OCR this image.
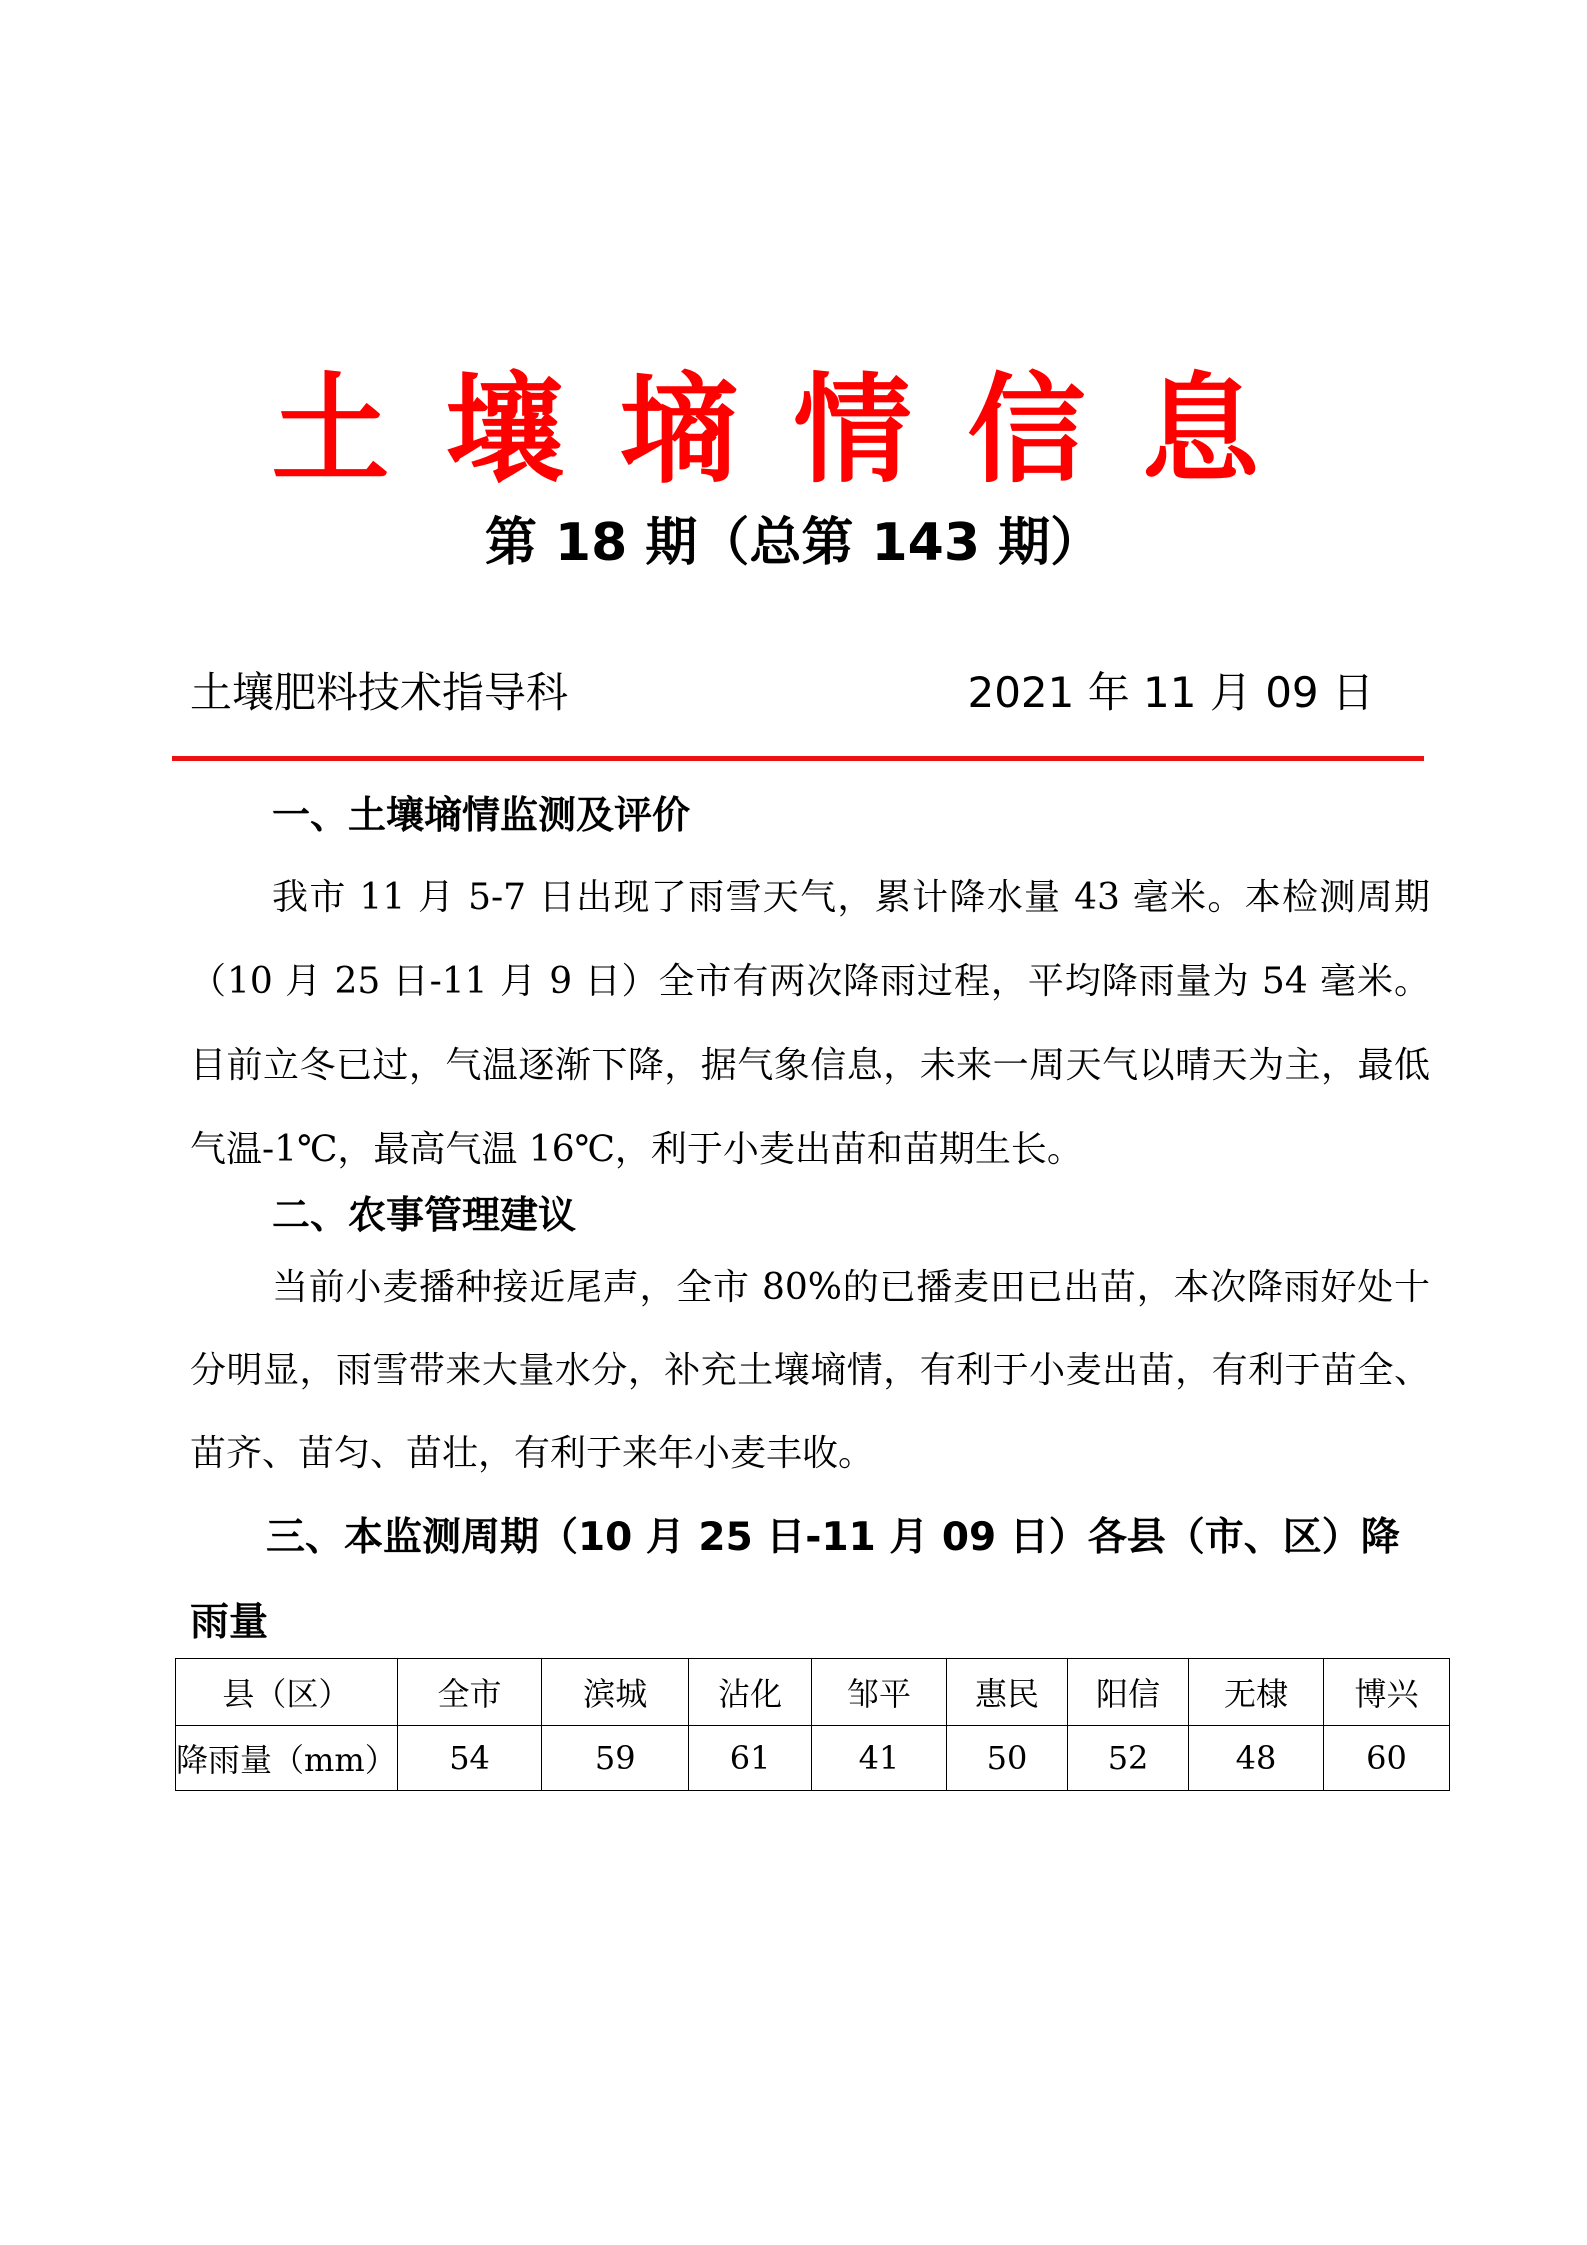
土壤墒情信息
第 18 期（总第 143 期）
土壤肥料技术指导科	2021 年 11 月 09 日
一、土壤墒情监测及评价

我市 11 月 5-7 日出现了雨雪天气，累计降水量 43 毫米。本检测周期（10 月 25 日-11 月 9 日）全市有两次降雨过程，平均降雨量为 54 毫米。目前立冬已过，气温逐渐下降，据气象信息，未来一周天气以晴天为主，最低气温-1℃，最高气温 16℃，利于小麦出苗和苗期生长。

二、农事管理建议

当前小麦播种接近尾声，全市 80%的已播麦田已出苗，本次降雨好处十分明显，雨雪带来大量水分，补充土壤墒情，有利于小麦出苗，有利于苗全、苗齐、苗匀、苗壮，有利于来年小麦丰收。

三、本监测周期（10 月 25 日-11 月 09 日）各县（市、区）降雨量

县（区）	全市	滨城	沾化	邹平	惠民	阳信	无棣	博兴
降雨量（mm）	54	59	61	41	50	52	48	60
